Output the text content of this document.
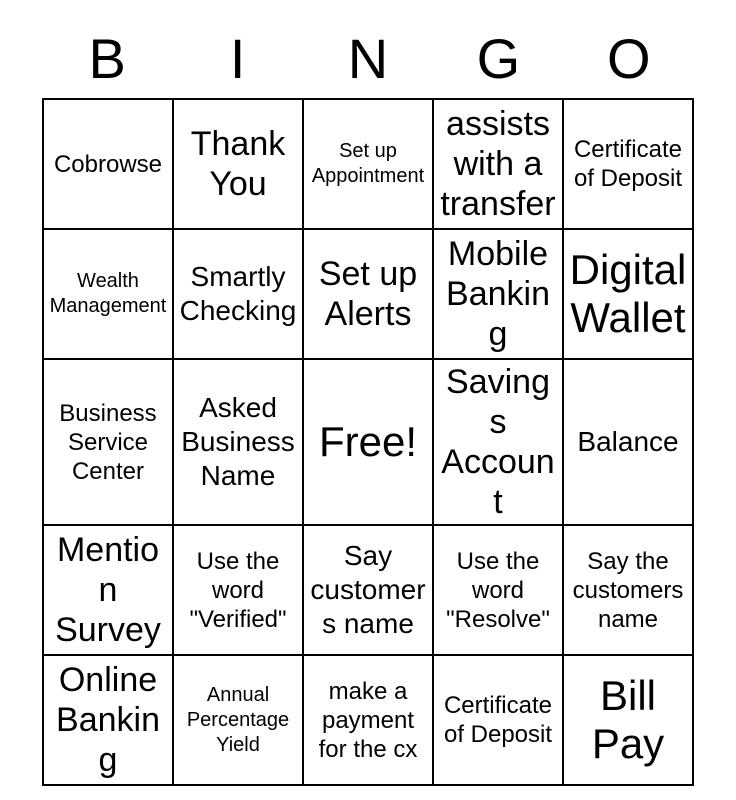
B	I	N	G	O
Cobrowse	Thank You	Set up Appointment	assists with a transfer	Certificate of Deposit
Wealth Management	Smartly Checking	Set up Alerts	Mobile Banking	Digital Wallet
Business Service Center	Asked Business Name	Free!	Savings Account	Balance
Mention Survey	Use the word "Verified"	Say customers name	Use the word "Resolve"	Say the customers name
Online Banking	Annual Percentage Yield	make a payment for the cx	Certificate of Deposit	Bill Pay
